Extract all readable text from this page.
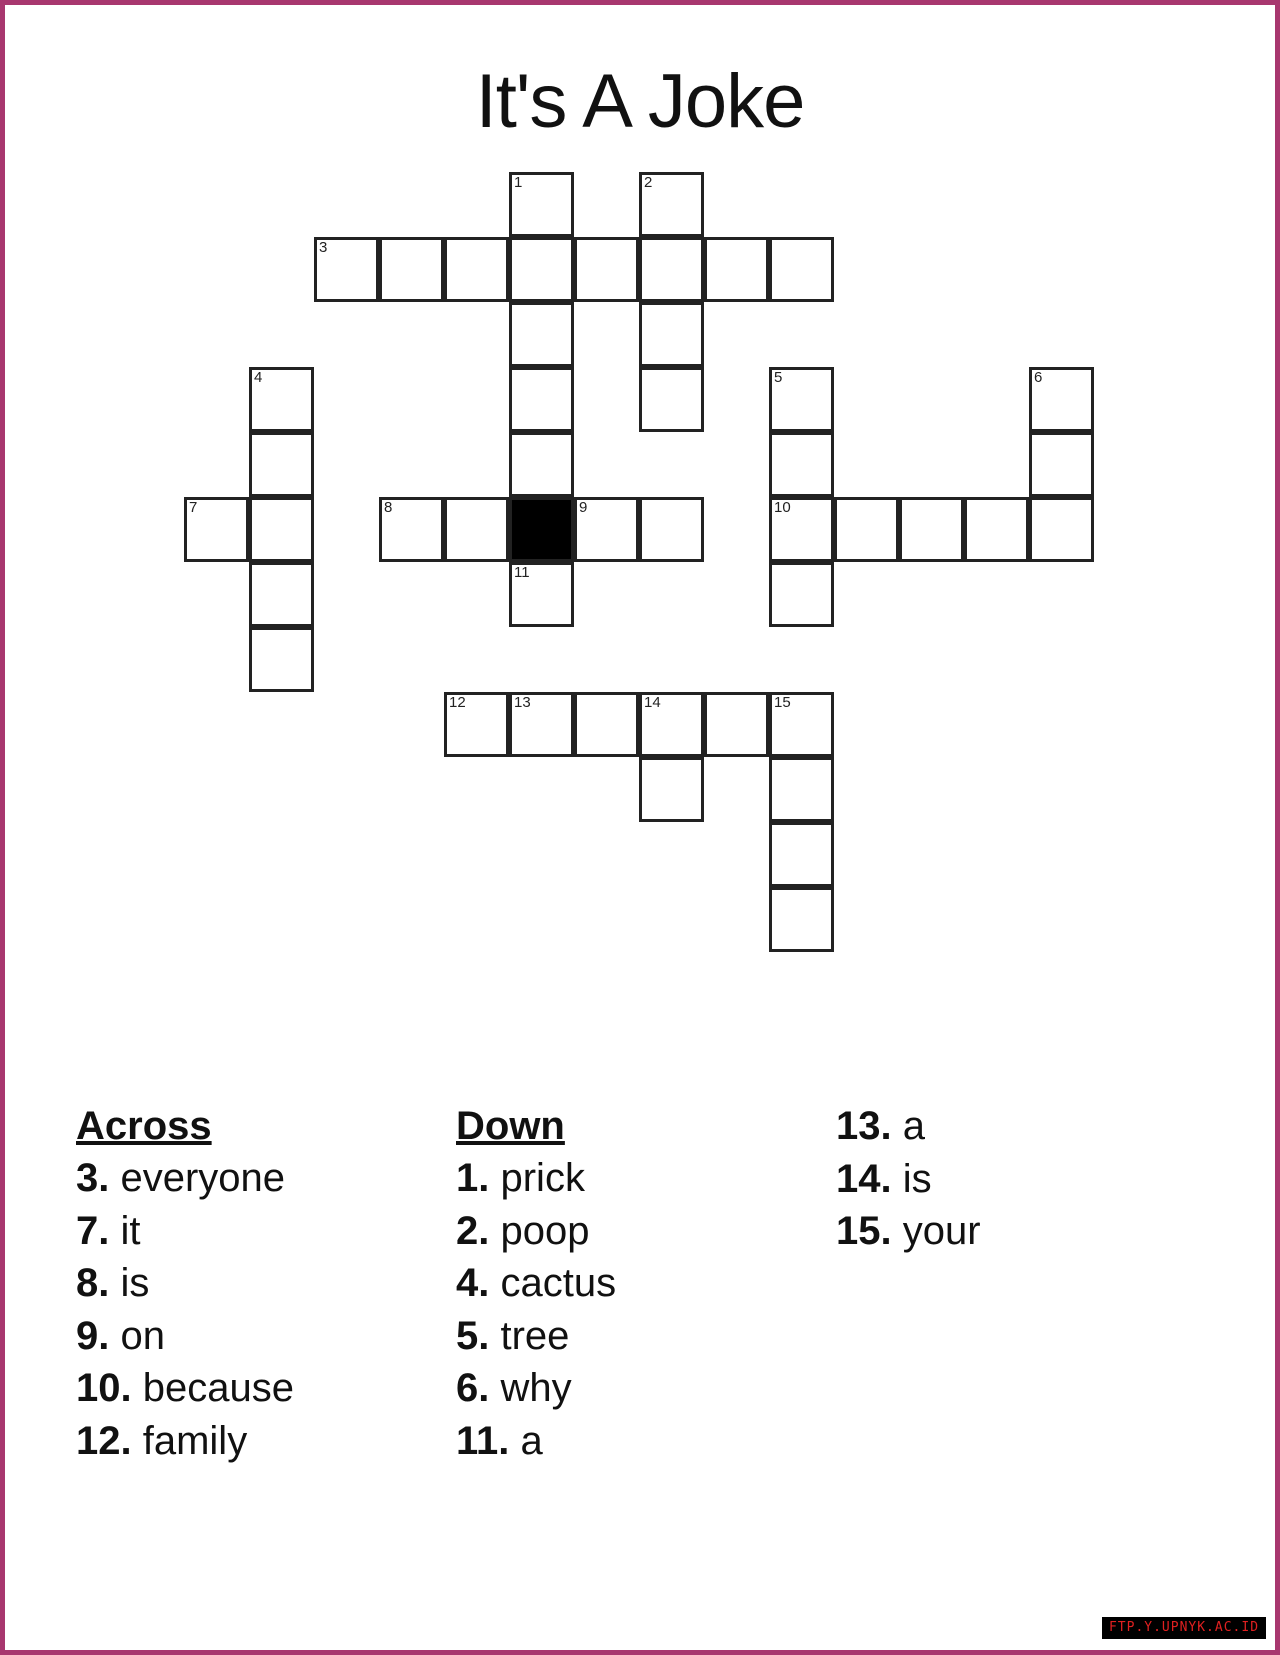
It's A Joke
1	2
3
4	5	6
7	8	9	10
11
12	13	14	15
Across
3. everyone
7. it
8. is
9. on
10. because
12. family
Down
1. prick
2. poop
4. cactus
5. tree
6. why
11. a
13. a
14. is
15. your
FTP.Y.UPNYK.AC.ID
